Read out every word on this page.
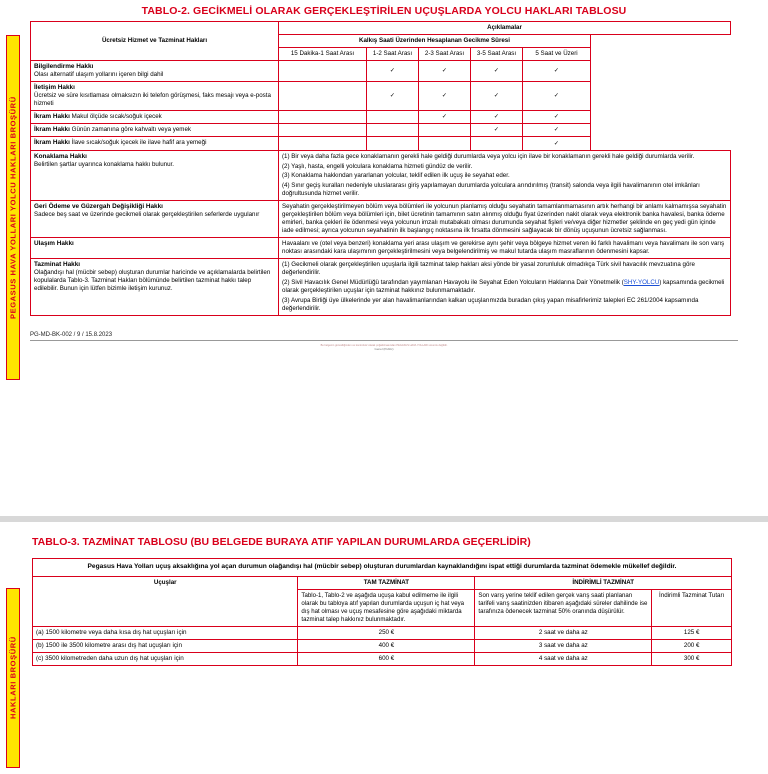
PEGASUS HAVA YOLLARI YOLCU HAKLARI BROŞÜRÜ
TABLO-2. GECİKMELİ OLARAK GERÇEKLEŞTİRİLEN UÇUŞLARDA YOLCU HAKLARI TABLOSU
Ücretsiz Hizmet ve Tazminat Hakları	Açıklamalar					
	Kalkış Saati Üzerinden Hesaplanan Gecikme Süresi					
	15 Dakika-1 Saat Arası	1-2 Saat Arası	2-3 Saat Arası	3-5 Saat Arası	5 Saat ve Üzeri	
Bilgilendirme Hakkı
Olası alternatif ulaşım yollarını içeren bilgi dahil		✓	✓	✓	✓	
İletişim Hakkı
Ücretsiz ve süre kısıtlaması olmaksızın iki telefon görüşmesi, faks mesajı veya e-posta hizmeti		✓	✓	✓	✓	
İkram Hakkı Makul ölçüde sıcak/soğuk içecek			✓	✓	✓	
İkram Hakkı Günün zamanına göre kahvaltı veya yemek				✓	✓	
İkram Hakkı İlave sıcak/soğuk içecek ile ilave hafif ara yemeği					✓	
Konaklama Hakkı
Belirtilen şartlar uyarınca konaklama hakkı bulunur.	

(1) Bir veya daha fazla gece konaklamanın gerekli hale geldiği durumlarda veya yolcu için ilave bir konaklamanın gerekli hale geldiği durumlarda verilir.

(2) Yaşlı, hasta, engelli yolculara konaklama hizmeti gündüz de verilir.

(3) Konaklama hakkından yararlanan yolcular, teklif edilen ilk uçuş ile seyahat eder.

(4) Sınır geçiş kuralları nedeniyle uluslararası giriş yapılamayan durumlarda yolculara arındırılmış (transit) salonda veya ilgili havalimanının otel imkânları doğrultusunda hizmet verilir.

Geri Ödeme ve Güzergah Değişikliği Hakkı
Sadece beş saat ve üzerinde gecikmeli olarak gerçekleştirilen seferlerde uygulanır	Seyahatin gerçekleştirilmeyen bölüm veya bölümleri ile yolcunun planlamış olduğu seyahatin tamamlanmamasının artık herhangi bir anlamı kalmamışsa seyahatin gerçekleştirilen bölüm veya bölümleri için, bilet ücretinin tamamının satın alınmış olduğu fiyat üzerinden nakit olarak veya elektronik banka havalesi, banka ödeme emirleri, banka çekleri ile ödenmesi veya yolcunun imzalı mutabakatı olması durumunda seyahat fişleri ve/veya diğer hizmetler şeklinde en geç yedi gün içinde iade edilmesi; ayrıca yolcunun seyahatinin ilk başlangıç noktasına ilk fırsatta dönmesini sağlayacak bir dönüş uçuşunun ücretsiz sağlanması.					

Ulaşım Hakkı	Havaalanı ve (otel veya benzeri) konaklama yeri arası ulaşım ve gerekirse aynı şehir veya bölgeye hizmet veren iki farklı havalimanı veya havalimanı ile son varış noktası arasındaki kara ulaşımının gerçekleştirilmesini veya belgelendirilmiş ve makul tutarda ulaşım masraflarının ödenmesini kapsar.					

Tazminat Hakkı
Olağandışı hal (mücbir sebep) oluşturan durumlar haricinde ve açıklamalarda belirtilen kopulalarda Tablo-3. Tazminat Hakları bölümünde belirtilen tazminat hakkı talep edilebilir. Bunun için lütfen bizimle iletişim kurunuz.	

(1) Gecikmeli olarak gerçekleştirilen uçuşlarla ilgili tazminat talep hakları aksi yönde bir yasal zorunluluk olmadıkça Türk sivil havacılık mevzuatına göre değerlendirilir.

(2) Sivil Havacılık Genel Müdürlüğü tarafından yayımlanan Havayolu ile Seyahat Eden Yolcuların Haklarına Dair Yönetmelik (SHY-YOLCU) kapsamında gecikmeli olarak gerçekleştirilen uçuşlar için tazminat hakkınız bulunmamaktadır.

(3) Avrupa Birliği üye ülkelerinde yer alan havalimanlarından kalkan uçuşlarımızda buradan çıkış yapan misafirlerimiz talepleri EC 261/2004 kapsamında değerlendirilir.

PG-MD-BK-002 / 9 / 15.8.2023
Bu belgenin güncelliğinden ve kontrolsüz olarak çoğaltılmasından PEGASUS HAVA YOLLARI sorumlu değildir.
Genel (Public)
HAKLARI BROŞÜRÜ
TABLO-3. TAZMİNAT TABLOSU (BU BELGEDE BURAYA ATIF YAPILAN DURUMLARDA GEÇERLİDİR)
Pegasus Hava Yolları uçuş aksaklığına yol açan durumun olağandışı hal (mücbir sebep) oluşturan durumlardan kaynaklandığını ispat ettiği durumlarda tazminat ödemekle mükellef değildir.			
Uçuşlar	TAM TAZMİNAT	İNDİRİMLİ TAZMİNAT	
	Tablo-1, Tablo-2 ve aşağıda uçuşa kabul edilmeme ile ilgili olarak bu tabloya atıf yapılan durumlarda uçuşun iç hat veya dış hat olması ve uçuş mesafesine göre aşağıdaki miktarda tazminat talep hakkınız bulunmaktadır.	Son varış yerine teklif edilen gerçek varış saati planlanan tarifeli varış saatinizden itibaren aşağıdaki süreler dahilinde ise tarafınıza ödenecek tazminat 50% oranında düşürülür.	İndirimli Tazminat Tutarı
(a) 1500 kilometre veya daha kısa dış hat uçuşları için	250 €	2 saat ve daha az	125 €
(b) 1500 ile 3500 kilometre arası dış hat uçuşları için	400 €	3 saat ve daha az	200 €
(c) 3500 kilometreden daha uzun dış hat uçuşları için	600 €	4 saat ve daha az	300 €
